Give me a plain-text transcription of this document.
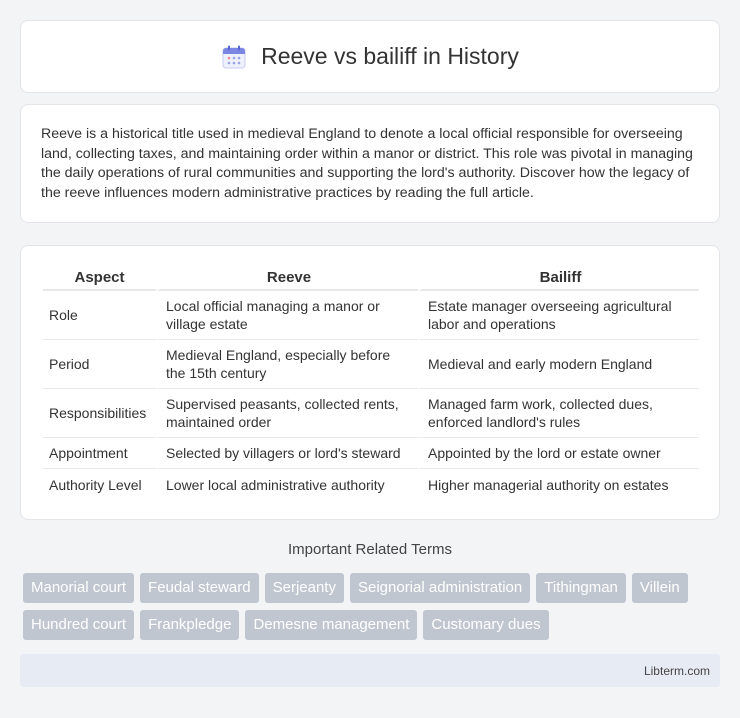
Reeve vs bailiff in History

Reeve is a historical title used in medieval England to denote a local official responsible for overseeing land, collecting taxes, and maintaining order within a manor or district. This role was pivotal in managing the daily operations of rural communities and supporting the lord's authority. Discover how the legacy of the reeve influences modern administrative practices by reading the full article.

Aspect	Reeve	Bailiff
Role	Local official managing a manor or village estate	Estate manager overseeing agricultural labor and operations
Period	Medieval England, especially before the 15th century	Medieval and early modern England
Responsibilities	Supervised peasants, collected rents, maintained order	Managed farm work, collected dues, enforced landlord's rules
Appointment	Selected by villagers or lord's steward	Appointed by the lord or estate owner
Authority Level	Lower local administrative authority	Higher managerial authority on estates
Important Related Terms
Manorial court	Feudal steward	Serjeanty	Seignorial administration	Tithingman	Villein
Hundred court	Frankpledge	Demesne management	Customary dues
Libterm.com
